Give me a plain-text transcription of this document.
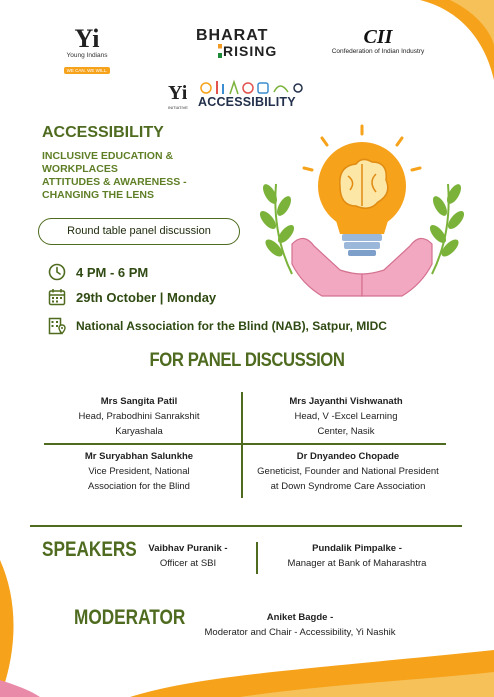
Yi
Young Indians
WE CAN. WE WILL.
BHARAT
RISING
CII
Confederation of Indian Industry
Yi
INITIATIVE ACCESSIBILITY
ACCESSIBILITY
INCLUSIVE EDUCATION &
WORKPLACES
ATTITUDES & AWARENESS -
CHANGING THE LENS
Round table panel discussion
4 PM - 6 PM
29th October | Monday
National Association for the Blind (NAB), Satpur, MIDC
FOR PANEL DISCUSSION
Mrs Sangita Patil
Head, Prabodhini Sanrakshit
Karyashala
Mrs Jayanthi Vishwanath
Head, V -Excel Learning
Center, Nasik
Mr Suryabhan Salunkhe
Vice President, National
Association for the Blind
Dr Dnyandeo Chopade
Geneticist, Founder and National President
at Down Syndrome Care Association
SPEAKERS	Vaibhav Puranik -
Officer at SBI
Pundalik Pimpalke -
Manager at Bank of Maharashtra
MODERATOR	Aniket Bagde -
Moderator and Chair - Accessibility, Yi Nashik
